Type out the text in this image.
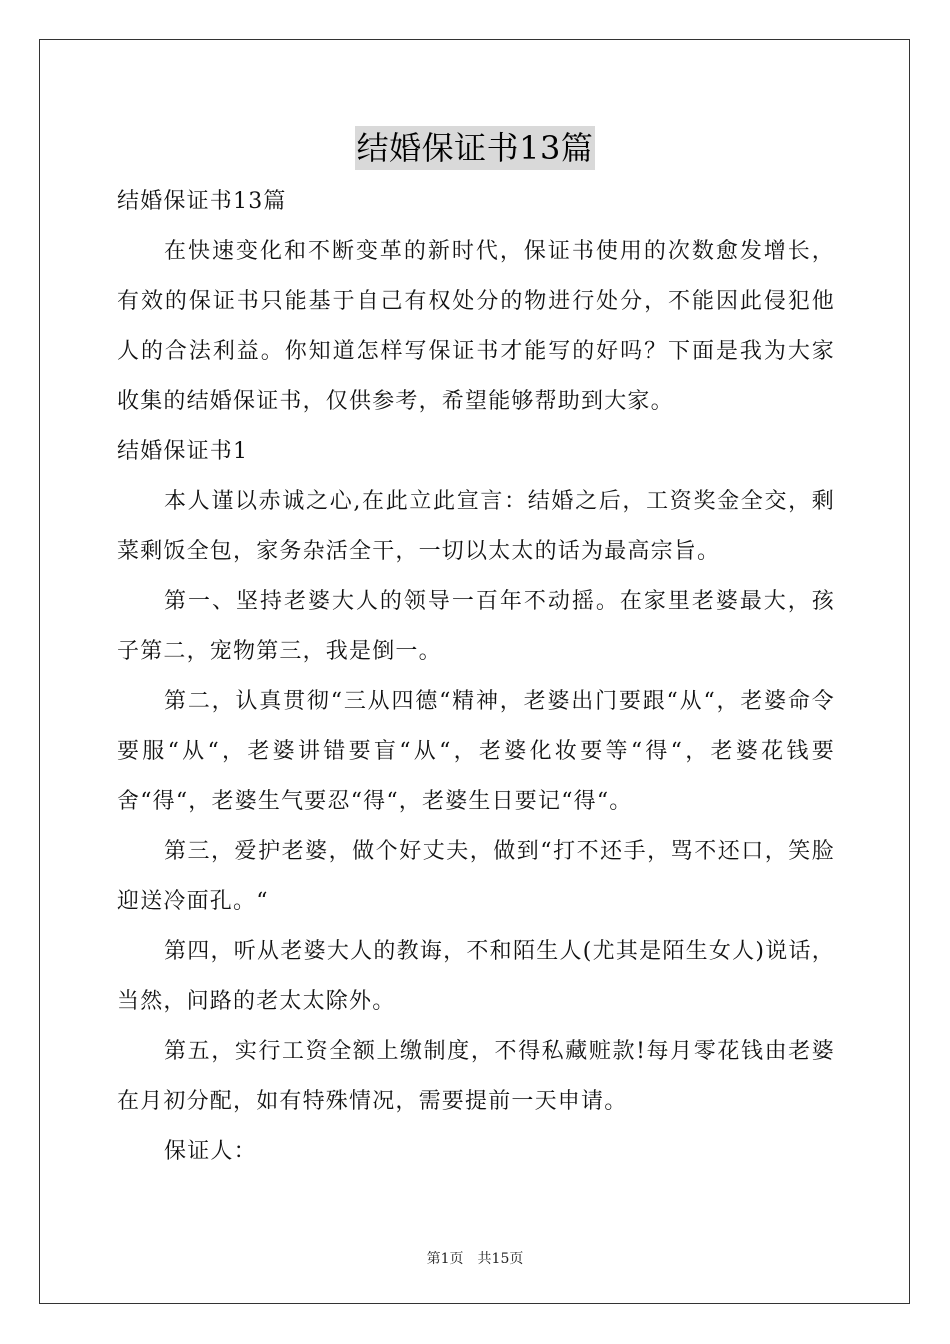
结婚保证书13篇
结婚保证书13篇

在快速变化和不断变革的新时代，保证书使用的次数愈发增长，有效的保证书只能基于自己有权处分的物进行处分，不能因此侵犯他人的合法利益。你知道怎样写保证书才能写的好吗？下面是我为大家收集的结婚保证书，仅供参考，希望能够帮助到大家。

结婚保证书1

本人谨以赤诚之心,在此立此宣言：结婚之后，工资奖金全交，剩菜剩饭全包，家务杂活全干，一切以太太的话为最高宗旨。

第一、坚持老婆大人的领导一百年不动摇。在家里老婆最大，孩子第二，宠物第三，我是倒一。

第二，认真贯彻“三从四德“精神，老婆出门要跟“从“，老婆命令要服“从“，老婆讲错要盲“从“，老婆化妆要等“得“，老婆花钱要舍“得“，老婆生气要忍“得“，老婆生日要记“得“。

第三，爱护老婆，做个好丈夫，做到“打不还手，骂不还口，笑脸迎送冷面孔。“

第四，听从老婆大人的教诲，不和陌生人(尤其是陌生女人)说话，当然，问路的老太太除外。

第五，实行工资全额上缴制度，不得私藏赃款!每月零花钱由老婆在月初分配，如有特殊情况，需要提前一天申请。

保证人：

第1页　共15页
